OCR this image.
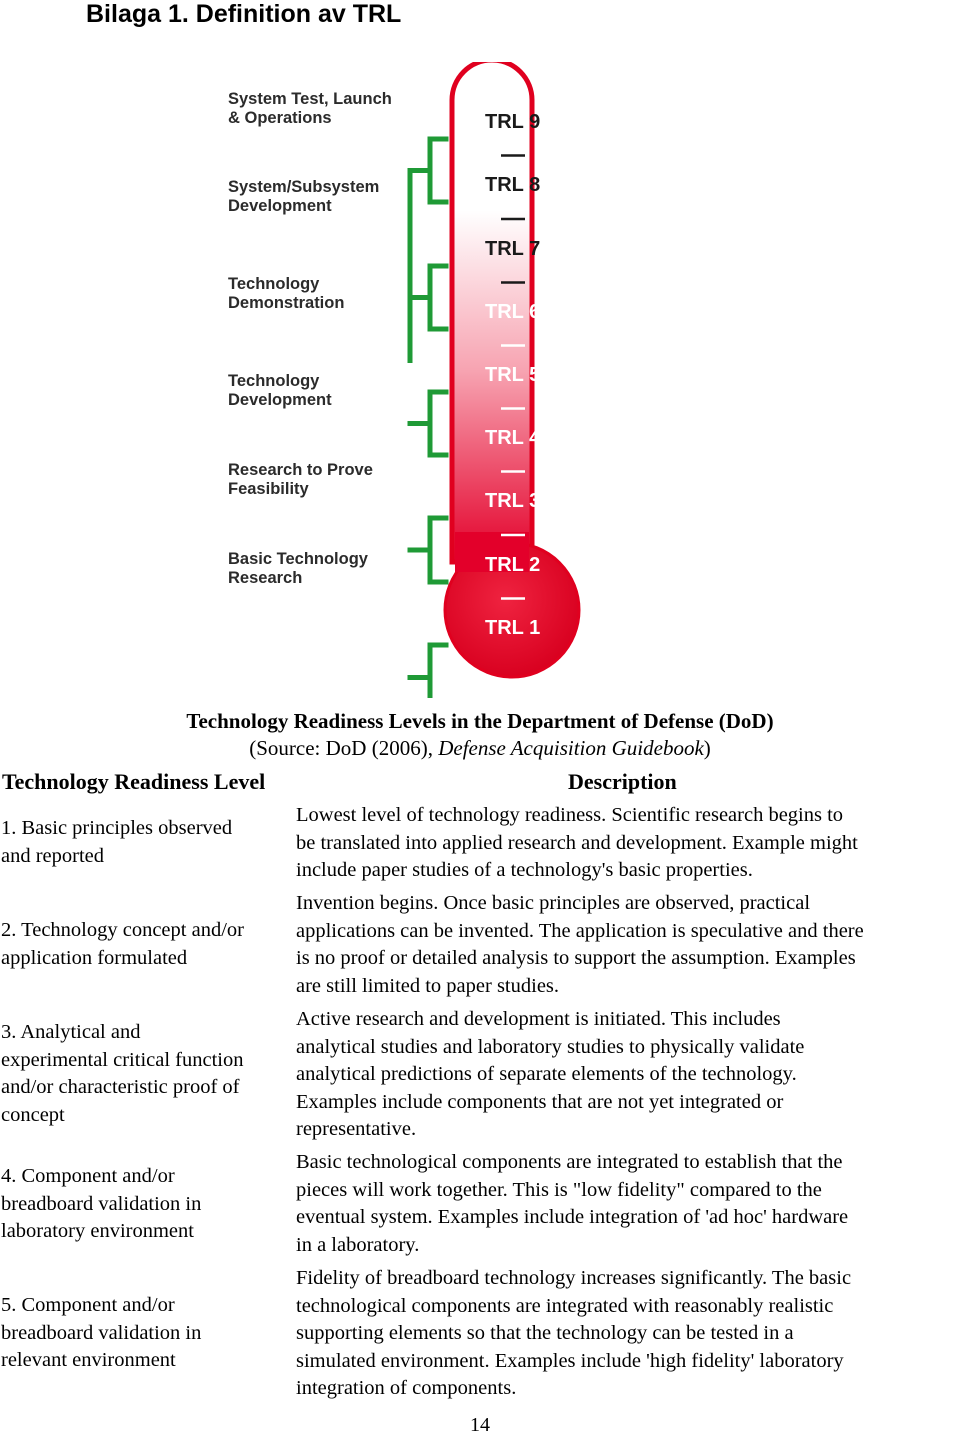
Bilaga 1. Definition av TRL
System Test, Launch & Operations
System/Subsystem Development
Technology Demonstration
Technology Development
Research to Prove Feasibility
Basic Technology Research
TRL 9
TRL 8
TRL 7
TRL 6
TRL 5
TRL 4
TRL 3
TRL 2
TRL 1
Technology Readiness Levels in the Department of Defense (DoD)
(Source: DoD (2006), Defense Acquisition Guidebook)
Technology Readiness Level	Description
1. Basic principles observed
and reported
Lowest level of technology readiness. Scientific research begins to
be translated into applied research and development. Example might
include paper studies of a technology's basic properties.
2. Technology concept and/or
application formulated
Invention begins. Once basic principles are observed, practical
applications can be invented. The application is speculative and there
is no proof or detailed analysis to support the assumption. Examples
are still limited to paper studies.
3. Analytical and
experimental critical function
and/or characteristic proof of
concept
Active research and development is initiated. This includes
analytical studies and laboratory studies to physically validate
analytical predictions of separate elements of the technology.
Examples include components that are not yet integrated or
representative.
4. Component and/or
breadboard validation in
laboratory environment
Basic technological components are integrated to establish that the
pieces will work together. This is "low fidelity" compared to the
eventual system. Examples include integration of 'ad hoc' hardware
in a laboratory.
5. Component and/or
breadboard validation in
relevant environment
Fidelity of breadboard technology increases significantly. The basic
technological components are integrated with reasonably realistic
supporting elements so that the technology can be tested in a
simulated environment. Examples include 'high fidelity' laboratory
integration of components.
14
